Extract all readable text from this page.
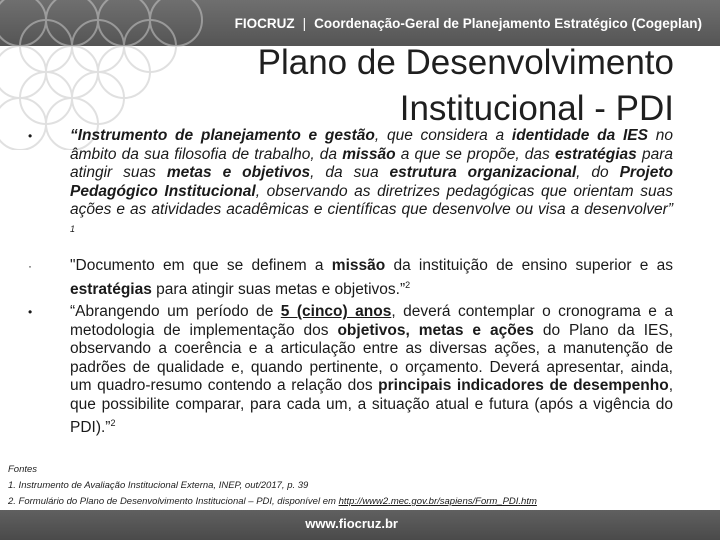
FIOCRUZ | Coordenação-Geral de Planejamento Estratégico (Cogeplan)
Plano de Desenvolvimento
Institucional - PDI
• “Instrumento de planejamento e gestão, que considera a identidade da IES no âmbito da sua filosofia de trabalho, da missão a que se propõe, das estratégias para atingir suas metas e objetivos, da sua estrutura organizacional, do Projeto Pedagógico Institucional, observando as diretrizes pedagógicas que orientam suas ações e as atividades acadêmicas e científicas que desenvolve ou visa a desenvolver” $^1$
· "Documento em que se definem a missão da instituição de ensino superior e as estratégias para atingir suas metas e objetivos.”$^2$
• “Abrangendo um período de 5 (cinco) anos, deverá contemplar o cronograma e a metodologia de implementação dos objetivos, metas e ações do Plano da IES, observando a coerência e a articulação entre as diversas ações, a manutenção de padrões de qualidade e, quando pertinente, o orçamento. Deverá apresentar, ainda, um quadro-resumo contendo a relação dos principais indicadores de desempenho, que possibilite comparar, para cada um, a situação atual e futura (após a vigência do PDI).”$^2$
Fontes
1. Instrumento de Avaliação Institucional Externa, INEP, out/2017, p. 39
2. Formulário do Plano de Desenvolvimento Institucional – PDI, disponível em http://www2.mec.gov.br/sapiens/Form_PDI.htm
www.fiocruz.br
